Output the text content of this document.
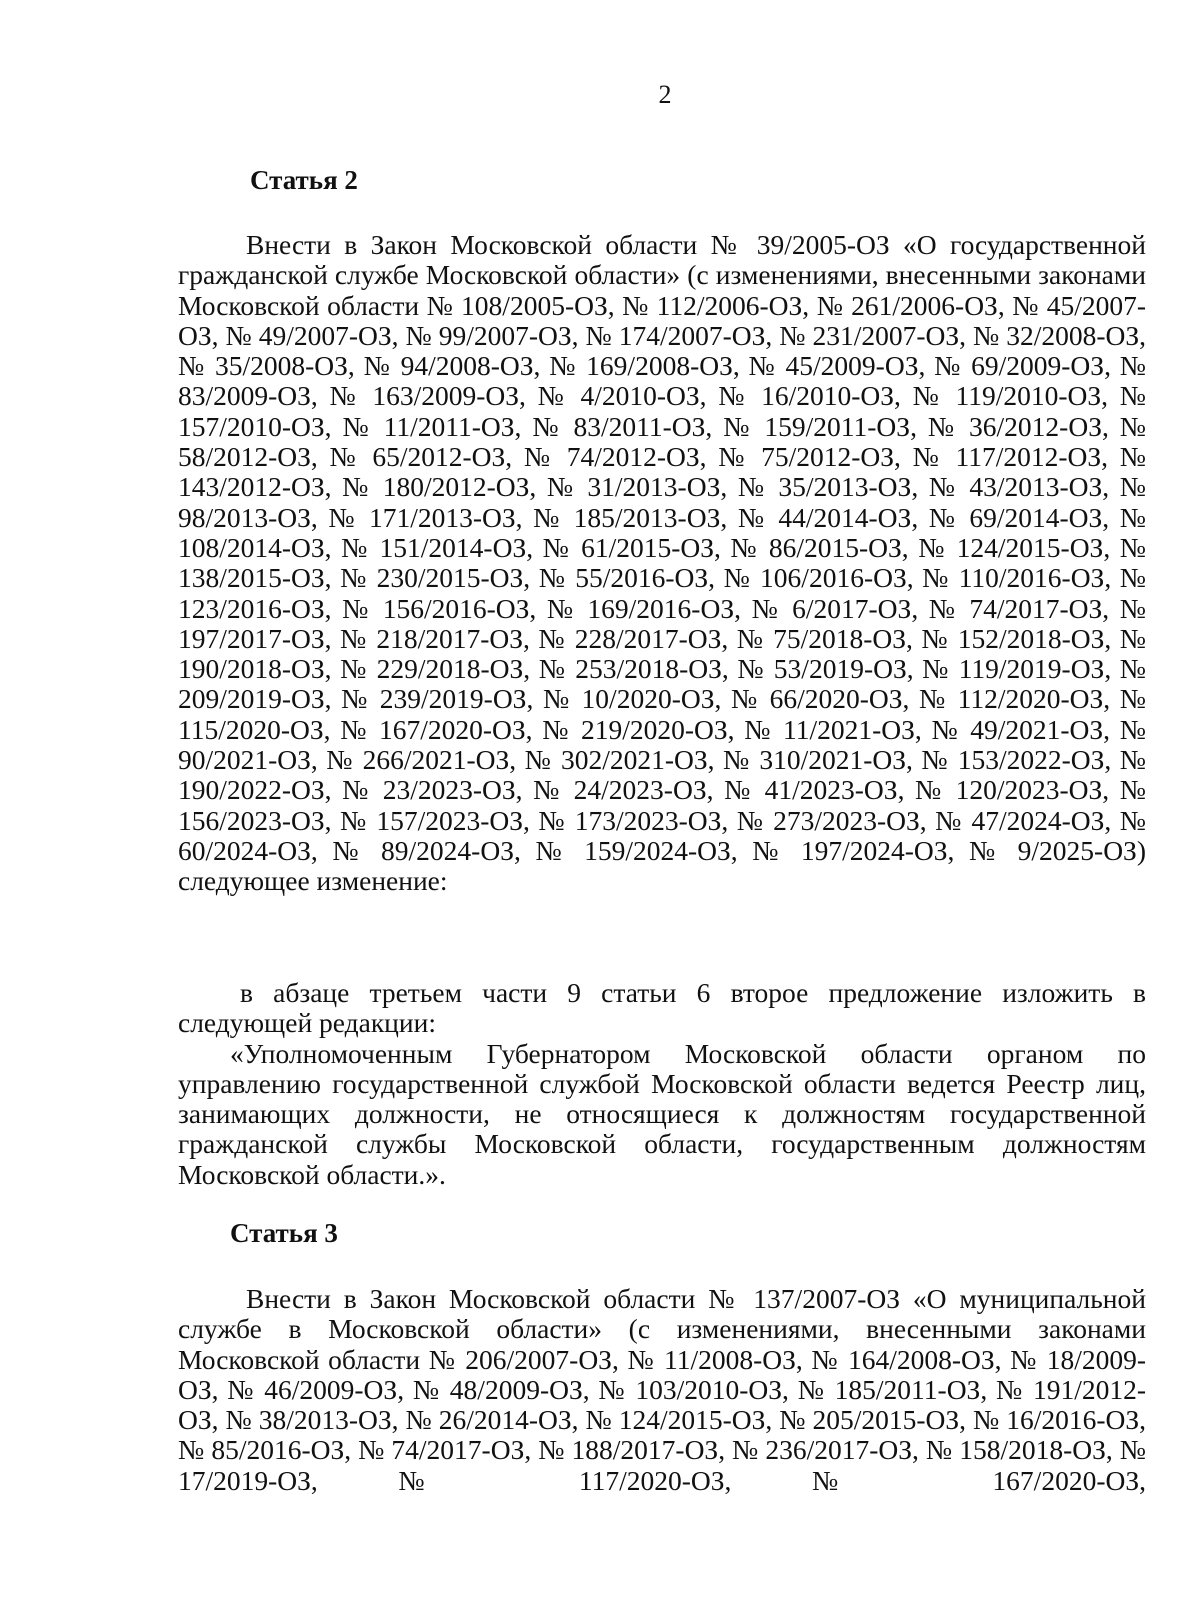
2
Статья 2

Внести в Закон Московской области № 39/2005-ОЗ «О государственной гражданской службе Московской области» (с изменениями, внесенными законами Московской области № 108/2005-ОЗ, № 112/2006-ОЗ, № 261/2006-ОЗ, № 45/2007-ОЗ, № 49/2007-ОЗ, № 99/2007-ОЗ, № 174/2007-ОЗ, № 231/2007-ОЗ, № 32/2008-ОЗ, № 35/2008-ОЗ, № 94/2008-ОЗ, № 169/2008-ОЗ, № 45/2009-ОЗ, № 69/2009-ОЗ, № 83/2009-ОЗ, № 163/2009-ОЗ, № 4/2010-ОЗ, № 16/2010-ОЗ, № 119/2010-ОЗ, № 157/2010-ОЗ, № 11/2011-ОЗ, № 83/2011-ОЗ, № 159/2011-ОЗ, № 36/2012-ОЗ, № 58/2012-ОЗ, № 65/2012-ОЗ, № 74/2012-ОЗ, № 75/2012-ОЗ, № 117/2012-ОЗ, № 143/2012-ОЗ, № 180/2012-ОЗ, № 31/2013-ОЗ, № 35/2013-ОЗ, № 43/2013-ОЗ, № 98/2013-ОЗ, № 171/2013-ОЗ, № 185/2013-ОЗ, № 44/2014-ОЗ, № 69/2014-ОЗ, № 108/2014-ОЗ, № 151/2014-ОЗ, № 61/2015-ОЗ, № 86/2015-ОЗ, № 124/2015-ОЗ, № 138/2015-ОЗ, № 230/2015-ОЗ, № 55/2016-ОЗ, № 106/2016-ОЗ, № 110/2016-ОЗ, № 123/2016-ОЗ, № 156/2016-ОЗ, № 169/2016-ОЗ, № 6/2017-ОЗ, № 74/2017-ОЗ, № 197/2017-ОЗ, № 218/2017-ОЗ, № 228/2017-ОЗ, № 75/2018-ОЗ, № 152/2018-ОЗ, № 190/2018-ОЗ, № 229/2018-ОЗ, № 253/2018-ОЗ, № 53/2019-ОЗ, № 119/2019-ОЗ, № 209/2019-ОЗ, № 239/2019-ОЗ, № 10/2020-ОЗ, № 66/2020-ОЗ, № 112/2020-ОЗ, № 115/2020-ОЗ, № 167/2020-ОЗ, № 219/2020-ОЗ, № 11/2021-ОЗ, № 49/2021-ОЗ, № 90/2021-ОЗ, № 266/2021-ОЗ, № 302/2021-ОЗ, № 310/2021-ОЗ, № 153/2022-ОЗ, № 190/2022-ОЗ, № 23/2023-ОЗ, № 24/2023-ОЗ, № 41/2023-ОЗ, № 120/2023-ОЗ, № 156/2023-ОЗ, № 157/2023-ОЗ, № 173/2023-ОЗ, № 273/2023-ОЗ, № 47/2024-ОЗ, № 60/2024-ОЗ, № 89/2024-ОЗ, № 159/2024-ОЗ, № 197/2024-ОЗ, № 9/2025-ОЗ) следующее изменение:

в абзаце третьем части 9 статьи 6 второе предложение изложить в следующей редакции:

«Уполномоченным Губернатором Московской области органом по управлению государственной службой Московской области ведется Реестр лиц, занимающих должности, не относящиеся к должностям государственной гражданской службы Московской области, государственным должностям Московской области.».

Статья 3

Внести в Закон Московской области № 137/2007-ОЗ «О муниципальной службе в Московской области» (с изменениями, внесенными законами Московской области № 206/2007-ОЗ, № 11/2008-ОЗ, № 164/2008-ОЗ, № 18/2009-ОЗ, № 46/2009-ОЗ, № 48/2009-ОЗ, № 103/2010-ОЗ, № 185/2011-ОЗ, № 191/2012-ОЗ, № 38/2013-ОЗ, № 26/2014-ОЗ, № 124/2015-ОЗ, № 205/2015-ОЗ, № 16/2016-ОЗ, № 85/2016-ОЗ, № 74/2017-ОЗ, № 188/2017-ОЗ, № 236/2017-ОЗ, № 158/2018-ОЗ, № 17/2019-ОЗ, № 117/2020-ОЗ, № 167/2020-ОЗ,
